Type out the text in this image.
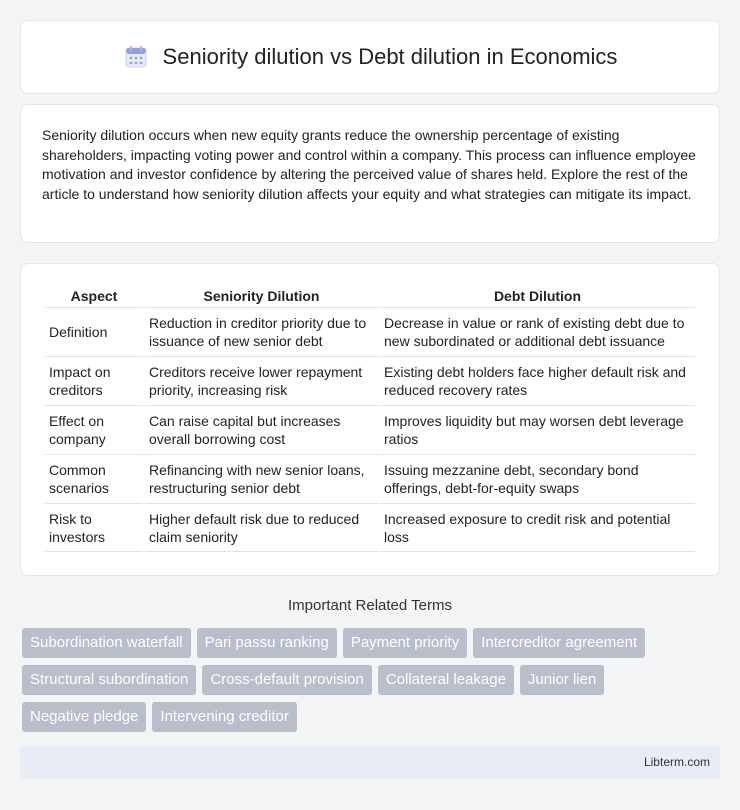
Seniority dilution vs Debt dilution in Economics

Seniority dilution occurs when new equity grants reduce the ownership percentage of existing shareholders, impacting voting power and control within a company. This process can influence employee motivation and investor confidence by altering the perceived value of shares held. Explore the rest of the article to understand how seniority dilution affects your equity and what strategies can mitigate its impact.

Aspect	Seniority Dilution	Debt Dilution
Definition	Reduction in creditor priority due to issuance of new senior debt	Decrease in value or rank of existing debt due to new subordinated or additional debt issuance
Impact on creditors	Creditors receive lower repayment priority, increasing risk	Existing debt holders face higher default risk and reduced recovery rates
Effect on company	Can raise capital but increases overall borrowing cost	Improves liquidity but may worsen debt leverage ratios
Common scenarios	Refinancing with new senior loans, restructuring senior debt	Issuing mezzanine debt, secondary bond offerings, debt-for-equity swaps
Risk to investors	Higher default risk due to reduced claim seniority	Increased exposure to credit risk and potential loss
Important Related Terms
Subordination waterfall	Pari passu ranking	Payment priority	Intercreditor agreement
Structural subordination	Cross-default provision	Collateral leakage	Junior lien
Negative pledge	Intervening creditor
Libterm.com
